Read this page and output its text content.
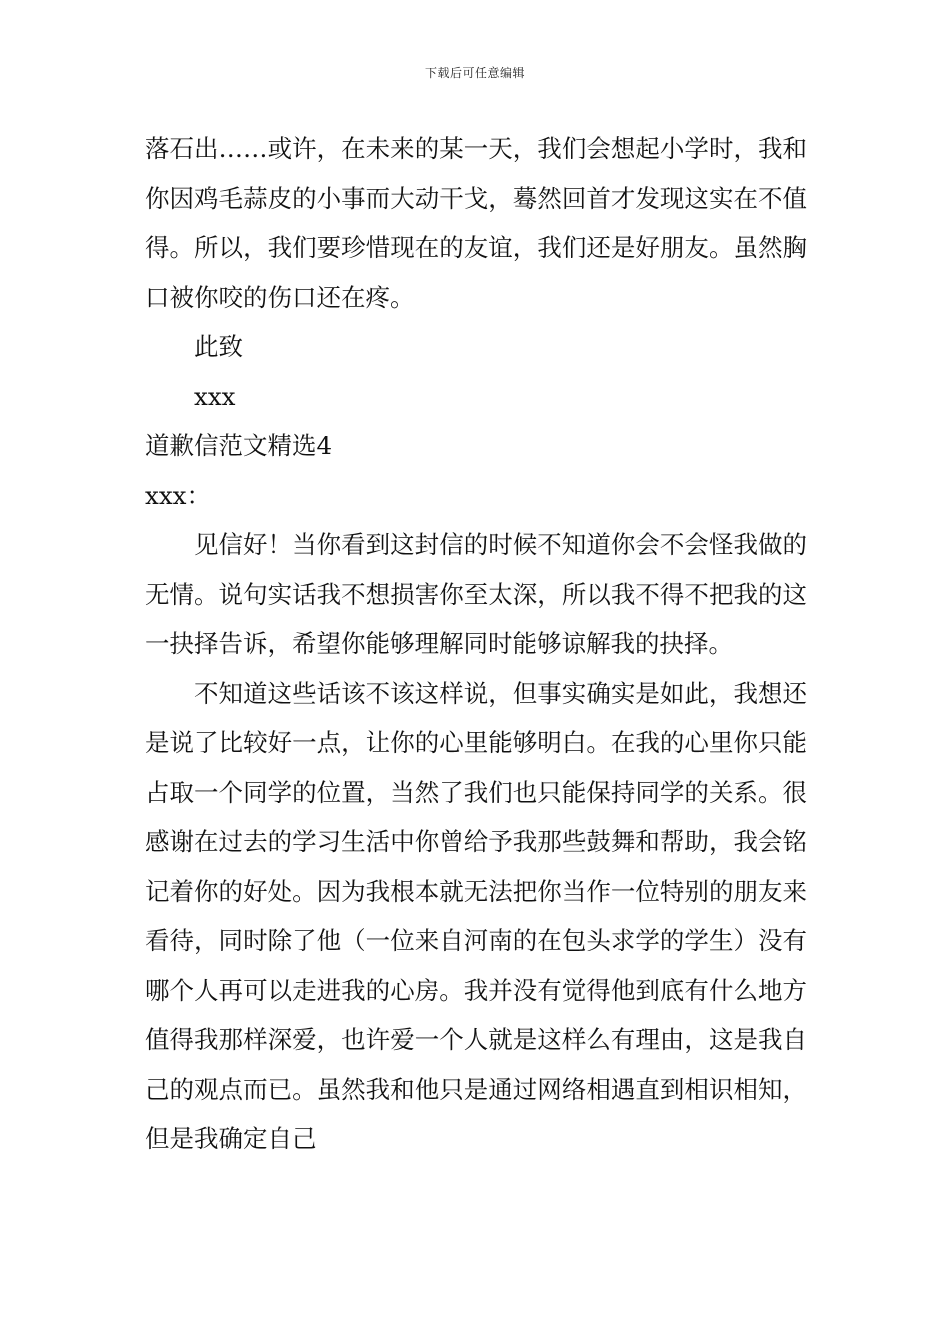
下载后可任意编辑

落石出……或许，在未来的某一天，我们会想起小学时，我和你因鸡毛蒜皮的小事而大动干戈，蓦然回首才发现这实在不值得。所以，我们要珍惜现在的友谊，我们还是好朋友。虽然胸口被你咬的伤口还在疼。

此致

xxx

道歉信范文精选4

xxx：

见信好！当你看到这封信的时候不知道你会不会怪我做的无情。说句实话我不想损害你至太深，所以我不得不把我的这一抉择告诉，希望你能够理解同时能够谅解我的抉择。

不知道这些话该不该这样说，但事实确实是如此，我想还是说了比较好一点，让你的心里能够明白。在我的心里你只能占取一个同学的位置，当然了我们也只能保持同学的关系。很感谢在过去的学习生活中你曾给予我那些鼓舞和帮助，我会铭记着你的好处。因为我根本就无法把你当作一位特别的朋友来看待，同时除了他（一位来自河南的在包头求学的学生）没有哪个人再可以走进我的心房。我并没有觉得他到底有什么地方值得我那样深爱，也许爱一个人就是这样么有理由，这是我自己的观点而已。虽然我和他只是通过网络相遇直到相识相知，但是我确定自己
